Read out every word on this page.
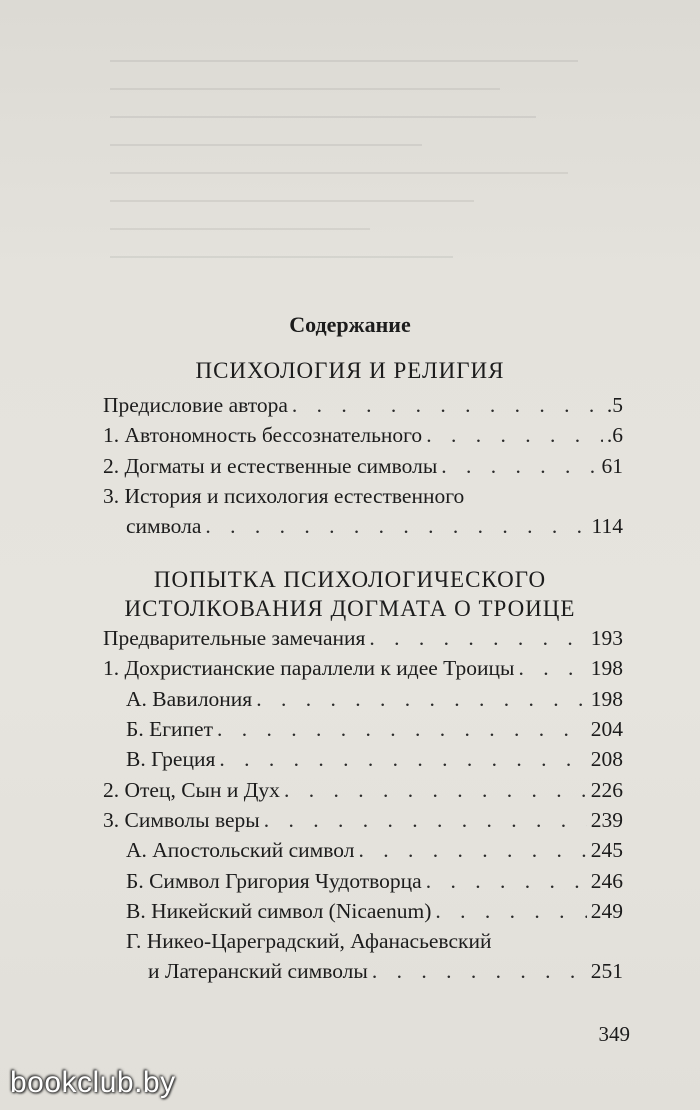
Содержание
ПСИХОЛОГИЯ И РЕЛИГИЯ
Предисловие автора . . .	.5
1. Автономность бессознательного . . .	.6
2. Догматы и естественные символы . . .	61
3. История и психология естественного
символа . . .	114
ПОПЫТКА ПСИХОЛОГИЧЕСКОГО
ИСТОЛКОВАНИЯ ДОГМАТА О ТРОИЦЕ
Предварительные замечания . . .	193
1. Дохристианские параллели к идее Троицы . . .	198
А. Вавилония . . .	198
Б. Египет . . .	204
В. Греция . . .	208
2. Отец, Сын и Дух . . .	226
3. Символы веры . . .	239
А. Апостольский символ . . .	245
Б. Символ Григория Чудотворца . . .	246
В. Никейский символ (Nicaenum) . . .	249
Г. Никео-Цареградский, Афанасьевский
и Латеранский символы . . .	251
349
bookclub.by
